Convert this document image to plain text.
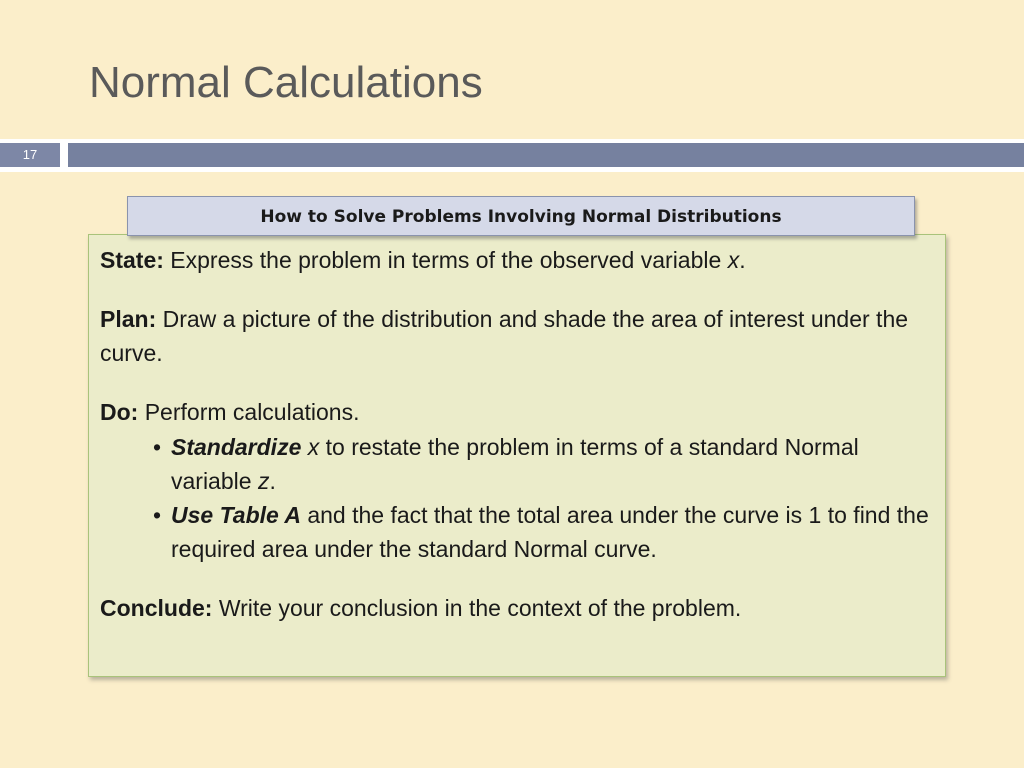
Normal Calculations
17
How to Solve Problems Involving Normal Distributions

State: Express the problem in terms of the observed variable x.

Plan: Draw a picture of the distribution and shade the area of interest under the curve.

Do: Perform calculations.

• Standardize x to restate the problem in terms of a standard Normal variable z.
• Use Table A and the fact that the total area under the curve is 1 to find the required area under the standard Normal curve.

Conclude: Write your conclusion in the context of the problem.
